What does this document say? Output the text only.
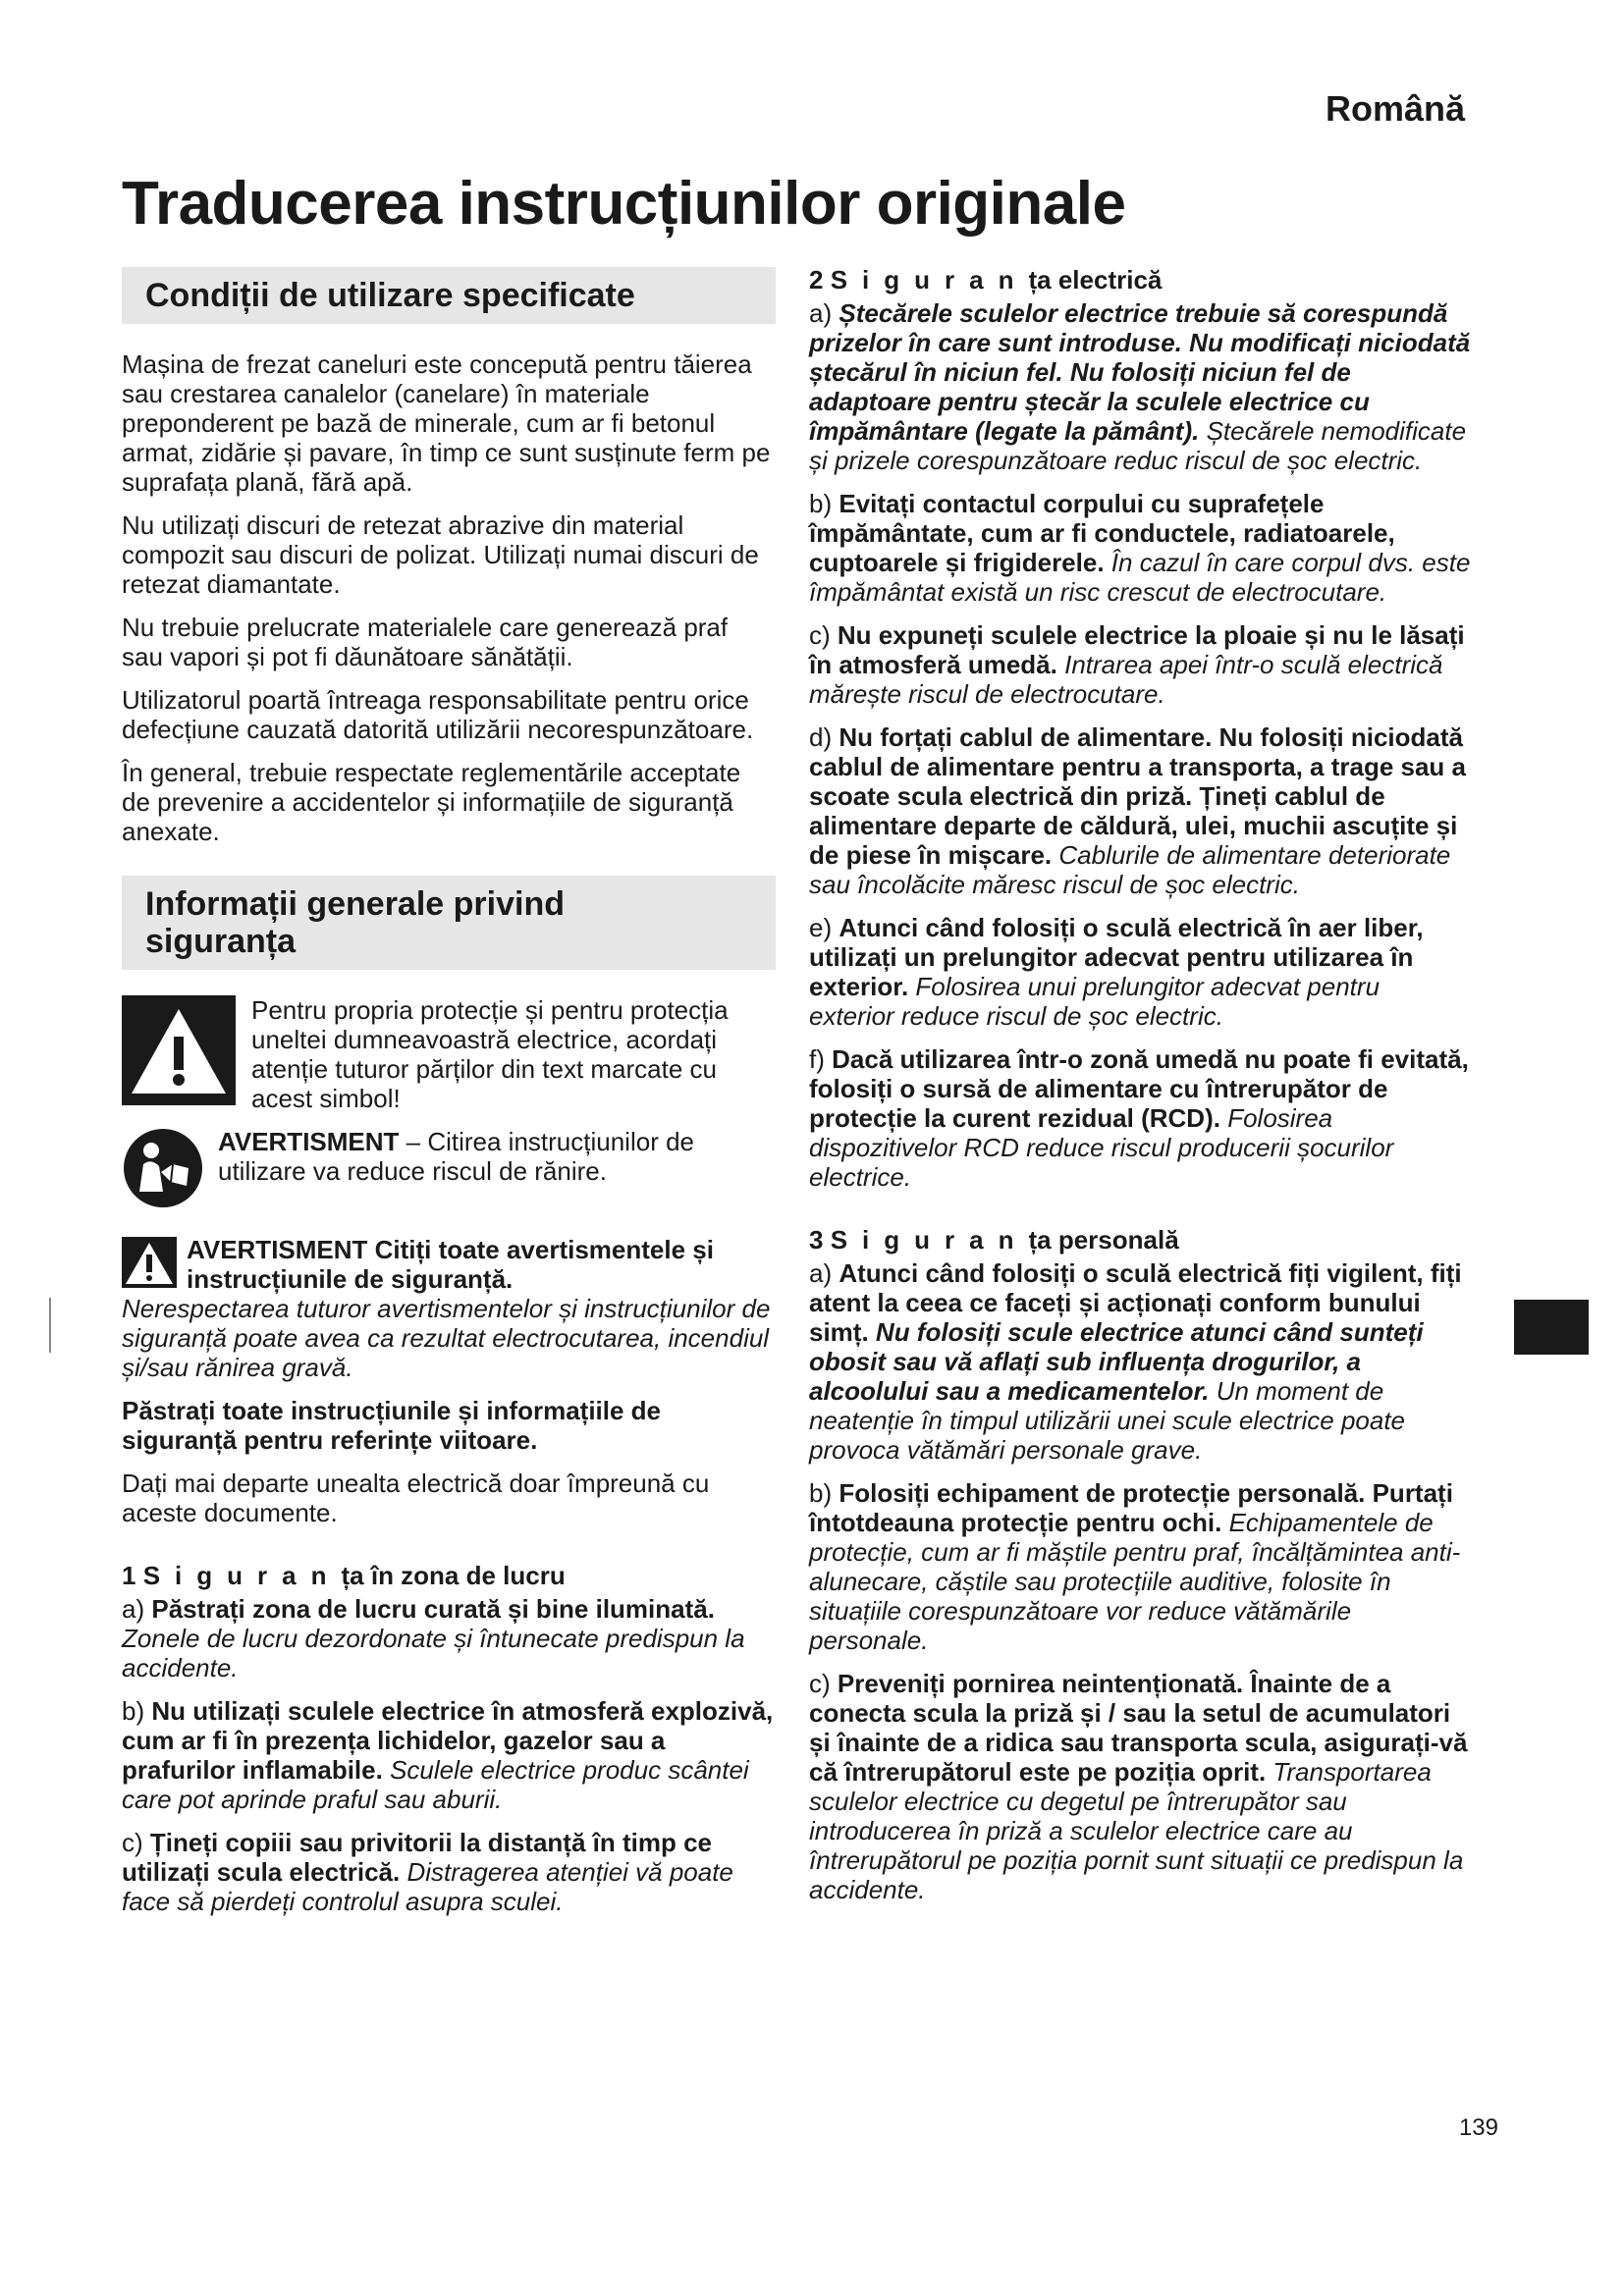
Română
Traducerea instrucțiunilor originale
Condiții de utilizare specificate

Mașina de frezat caneluri este concepută pentru tăierea sau crestarea canalelor (canelare) în materiale preponderent pe bază de minerale, cum ar fi betonul armat, zidărie și pavare, în timp ce sunt susținute ferm pe suprafața plană, fără apă.

Nu utilizați discuri de retezat abrazive din material compozit sau discuri de polizat. Utilizați numai discuri de retezat diamantate.

Nu trebuie prelucrate materialele care generează praf sau vapori și pot fi dăunătoare sănătății.

Utilizatorul poartă întreaga responsabilitate pentru orice defecțiune cauzată datorită utilizării necorespunzătoare.

În general, trebuie respectate reglementările acceptate de prevenire a accidentelor și informațiile de siguranță anexate.

Informații generale privind siguranța

Pentru propria protecție și pentru protecția uneltei dumneavoastră electrice, acordați atenție tuturor părților din text marcate cu acest simbol!

AVERTISMENT – Citirea instrucțiunilor de utilizare va reduce riscul de rănire.

AVERTISMENT Citiți toate avertismentele și instrucțiunile de siguranță.

Nerespectarea tuturor avertismentelor și instrucțiunilor de siguranță poate avea ca rezultat electrocutarea, incendiul și/sau rănirea gravă.

Păstrați toate instrucțiunile și informațiile de siguranță pentru referințe viitoare.

Dați mai departe unealta electrică doar împreună cu aceste documente.

1 Siguranța în zona de lucru

a) Păstrați zona de lucru curată și bine iluminată. Zonele de lucru dezordonate și întunecate predispun la accidente.

b) Nu utilizați sculele electrice în atmosferă explozivă, cum ar fi în prezența lichidelor, gazelor sau a prafurilor inflamabile. Sculele electrice produc scântei care pot aprinde praful sau aburii.

c) Țineți copiii sau privitorii la distanță în timp ce utilizați scula electrică. Distragerea atenției vă poate face să pierdeți controlul asupra sculei.

2 Siguranța electrică

a) Ștecărele sculelor electrice trebuie să corespundă prizelor în care sunt introduse. Nu modificați niciodată ștecărul în niciun fel. Nu folosiți niciun fel de adaptoare pentru ștecăr la sculele electrice cu împământare (legate la pământ). Ștecărele nemodificate și prizele corespunzătoare reduc riscul de șoc electric.

b) Evitați contactul corpului cu suprafețele împământate, cum ar fi conductele, radiatoarele, cuptoarele și frigiderele. În cazul în care corpul dvs. este împământat există un risc crescut de electrocutare.

c) Nu expuneți sculele electrice la ploaie și nu le lăsați în atmosferă umedă. Intrarea apei într-o sculă electrică mărește riscul de electrocutare.

d) Nu forțați cablul de alimentare. Nu folosiți niciodată cablul de alimentare pentru a transporta, a trage sau a scoate scula electrică din priză. Țineți cablul de alimentare departe de căldură, ulei, muchii ascuțite și de piese în mișcare. Cablurile de alimentare deteriorate sau încolăcite măresc riscul de șoc electric.

e) Atunci când folosiți o sculă electrică în aer liber, utilizați un prelungitor adecvat pentru utilizarea în exterior. Folosirea unui prelungitor adecvat pentru exterior reduce riscul de șoc electric.

f) Dacă utilizarea într-o zonă umedă nu poate fi evitată, folosiți o sursă de alimentare cu întrerupător de protecție la curent rezidual (RCD). Folosirea dispozitivelor RCD reduce riscul producerii șocurilor electrice.

3 Siguranța personală

a) Atunci când folosiți o sculă electrică fiți vigilent, fiți atent la ceea ce faceți și acționați conform bunului simț. Nu folosiți scule electrice atunci când sunteți obosit sau vă aflați sub influența drogurilor, a alcoolului sau a medicamentelor. Un moment de neatenție în timpul utilizării unei scule electrice poate provoca vătămări personale grave.

b) Folosiți echipament de protecție personală. Purtați întotdeauna protecție pentru ochi. Echipamentele de protecție, cum ar fi măștile pentru praf, încălțămintea anti-alunecare, căștile sau protecțiile auditive, folosite în situațiile corespunzătoare vor reduce vătămările personale.

c) Preveniți pornirea neintenționată. Înainte de a conecta scula la priză și / sau la setul de acumulatori și înainte de a ridica sau transporta scula, asigurați-vă că întrerupătorul este pe poziția oprit. Transportarea sculelor electrice cu degetul pe întrerupător sau introducerea în priză a sculelor electrice care au întrerupătorul pe poziția pornit sunt situații ce predispun la accidente.

139
